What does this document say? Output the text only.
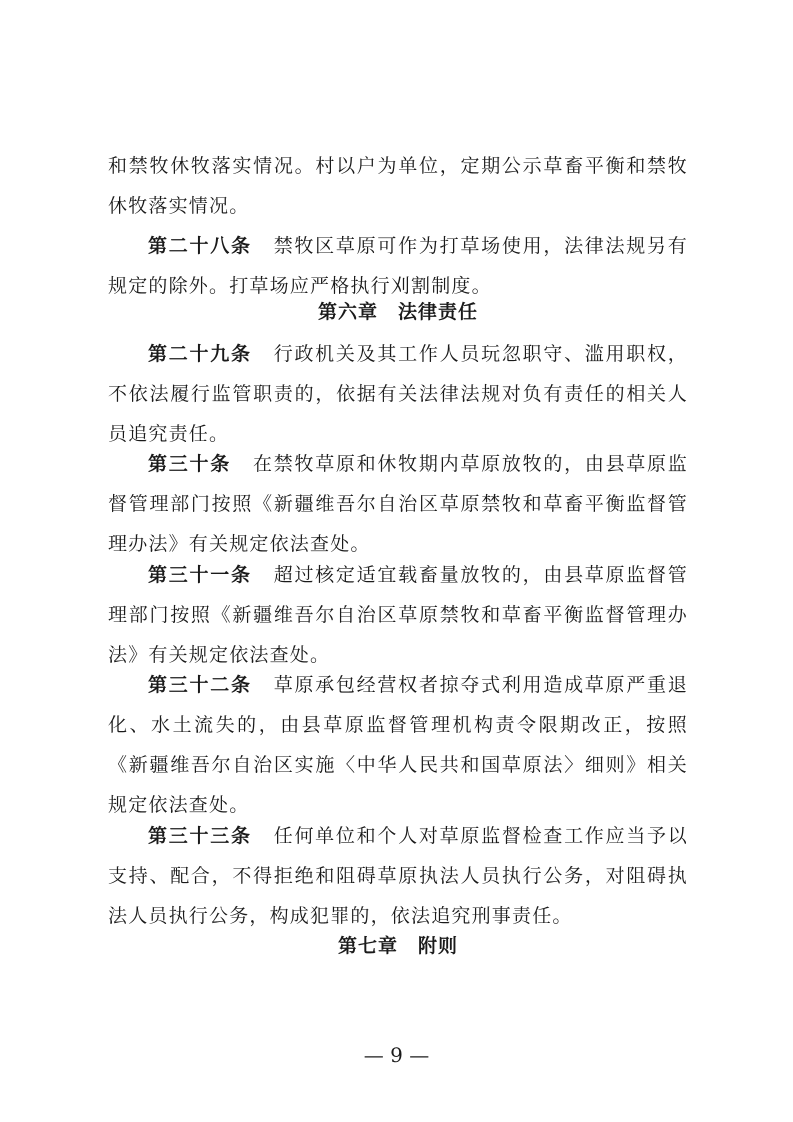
和禁牧休牧落实情况。村以户为单位，定期公示草畜平衡和禁牧休牧落实情况。

第二十八条 禁牧区草原可作为打草场使用，法律法规另有规定的除外。打草场应严格执行刈割制度。

第六章　法律责任

第二十九条 行政机关及其工作人员玩忽职守、滥用职权，不依法履行监管职责的，依据有关法律法规对负有责任的相关人员追究责任。

第三十条 在禁牧草原和休牧期内草原放牧的，由县草原监督管理部门按照《新疆维吾尔自治区草原禁牧和草畜平衡监督管理办法》有关规定依法查处。

第三十一条 超过核定适宜载畜量放牧的，由县草原监督管理部门按照《新疆维吾尔自治区草原禁牧和草畜平衡监督管理办法》有关规定依法查处。

第三十二条 草原承包经营权者掠夺式利用造成草原严重退化、水土流失的，由县草原监督管理机构责令限期改正，按照《新疆维吾尔自治区实施〈中华人民共和国草原法〉细则》相关规定依法查处。

第三十三条 任何单位和个人对草原监督检查工作应当予以支持、配合，不得拒绝和阻碍草原执法人员执行公务，对阻碍执法人员执行公务，构成犯罪的，依法追究刑事责任。

第七章　附则
— 9 —
